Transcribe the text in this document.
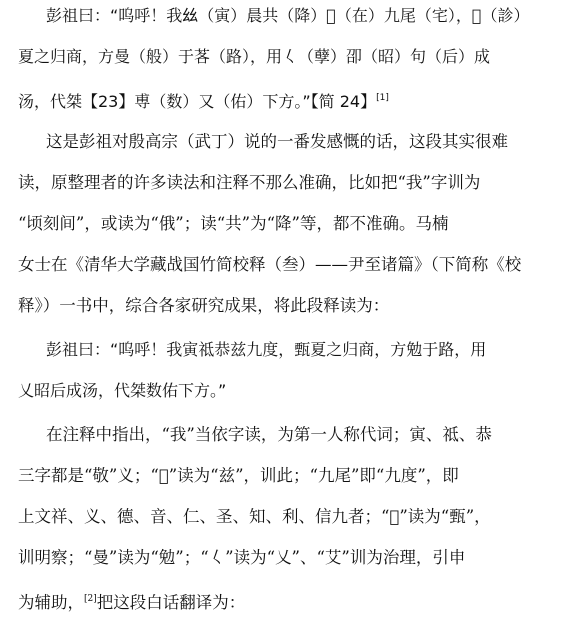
彭祖曰：“呜呼！我𢆶（寅）晨共（降）𦊳（在）九尾（宅），𩒨（診）
夏之归商，方曼（般）于茖（路），用𡿨（孽）卲（昭）句（后）成
汤，代桀【23】尃（数）又（佑）下方。”【简 24】[1]
这是彭祖对殷高宗（武丁）说的一番发感慨的话，这段其实很难
读，原整理者的许多读法和注释不那么准确，比如把“我”字训为
“顷刻间”，或读为“俄”；读“共”为“降”等，都不准确。马楠
女士在《清华大学藏战国竹简校释（叁）——尹至诸篇》（下简称《校
释》）一书中，综合各家研究成果，将此段释读为：
彭祖曰：“呜呼！我寅祗恭兹九度，甄夏之归商，方勉于路，用
乂昭后成汤，代桀数佑下方。”
在注释中指出，“我”当依字读，为第一人称代词；寅、祗、恭
三字都是“敬”义；“𦊳”读为“兹”，训此；“九尾”即“九度”，即
上文祥、义、德、音、仁、圣、知、利、信九者；“𩒨”读为“甄”，
训明察；“曼”读为“勉”；“𡿨”读为“乂”、“艾”训为治理，引申
为辅助，[2]把这段白话翻译为：
